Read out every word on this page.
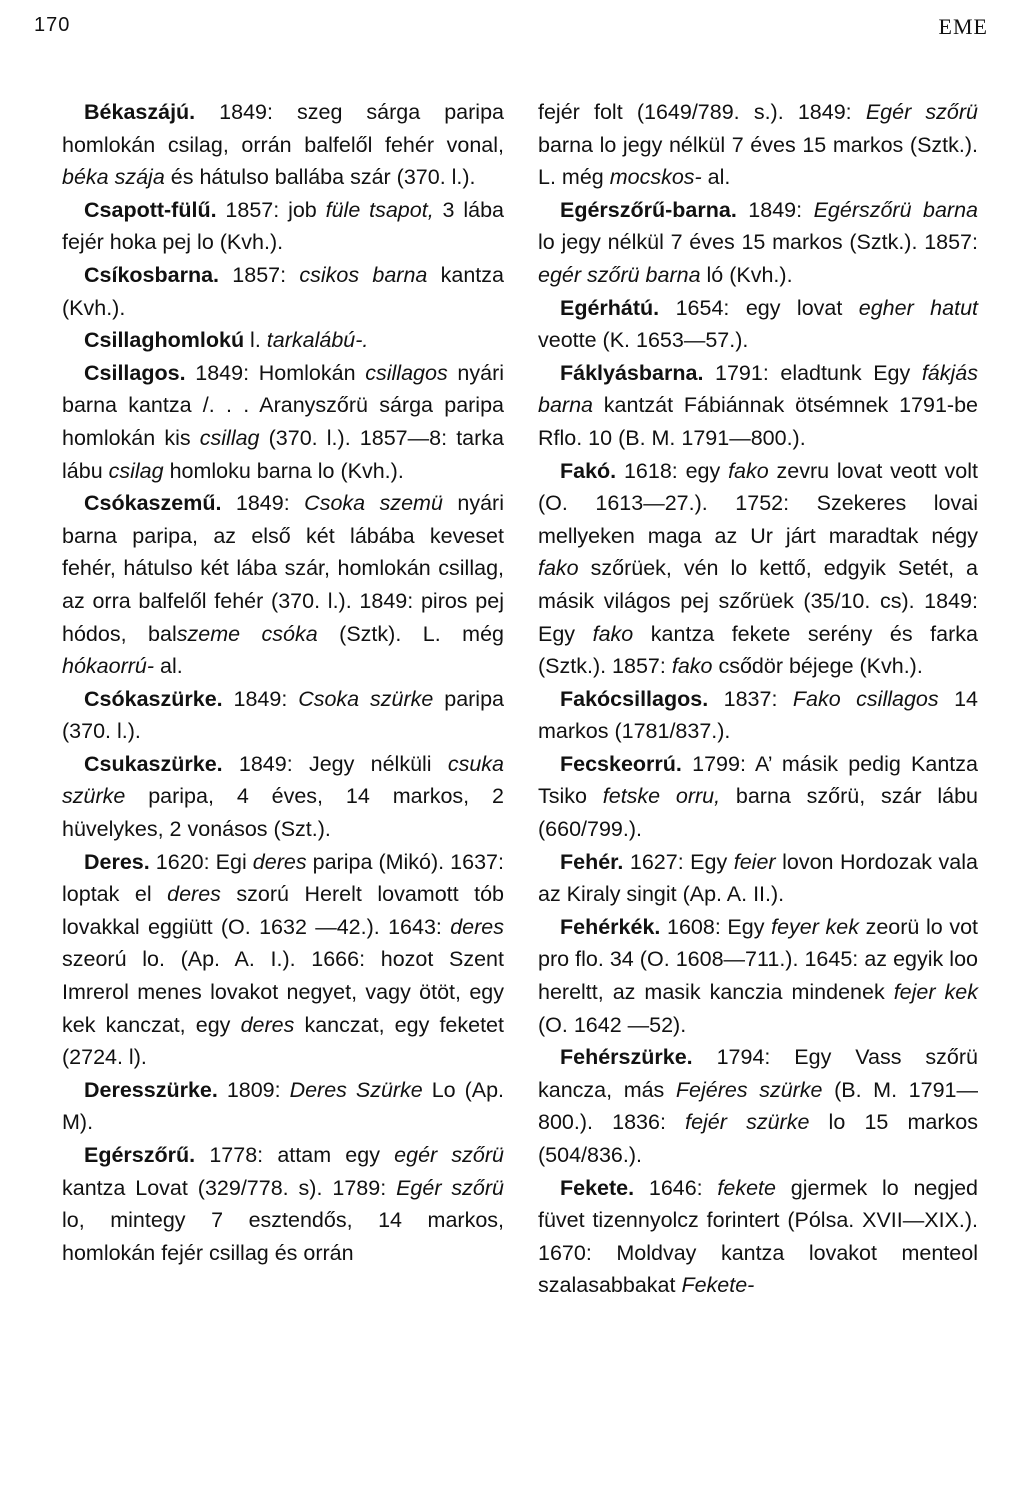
170	EME

Békaszájú. 1849: szeg sárga paripa homlokán csilag, orrán balfelől fehér vonal, béka szája és hátulso ballába szár (370. l.).

Csapott-fülű. 1857: job füle tsapot, 3 lába fejér hoka pej lo (Kvh.).

Csíkosbarna. 1857: csikos barna kantza (Kvh.).

Csillaghomlokú l. tarkalábú-.

Csillagos. 1849: Homlokán csillagos nyári barna kantza /. . . Aranyszőrü sárga paripa homlokán kis csillag (370. l.). 1857—8: tarka lábu csilag homloku barna lo (Kvh.).

Csókaszemű. 1849: Csoka szemü nyári barna paripa, az első két lábába keveset fehér, hátulso két lába szár, homlokán csillag, az orra balfelől fehér (370. l.). 1849: piros pej hódos, balszeme csóka (Sztk). L. még hókaorrú- al.

Csókaszürke. 1849: Csoka szürke paripa (370. l.).

Csukaszürke. 1849: Jegy nélküli csuka szürke paripa, 4 éves, 14 markos, 2 hüvelykes, 2 vonásos (Szt.).

Deres. 1620: Egi deres paripa (Mikó). 1637: loptak el deres szorú Herelt lovamott tób lovakkal eggiütt (O. 1632 —42.). 1643: deres szeorú lo. (Ap. A. I.). 1666: hozot Szent Imrerol menes lovakot negyet, vagy ötöt, egy kek kanczat, egy deres kanczat, egy feketet (2724. l).

Deresszürke. 1809: Deres Szürke Lo (Ap. M).

Egérszőrű. 1778: attam egy egér szőrü kantza Lovat (329/778. s). 1789: Egér szőrü lo, mintegy 7 esztendős, 14 markos, homlokán fejér csillag és orrán

fejér folt (1649/789. s.). 1849: Egér szőrü barna lo jegy nélkül 7 éves 15 markos (Sztk.). L. még mocskos- al.

Egérszőrű-barna. 1849: Egérszőrü barna lo jegy nélkül 7 éves 15 markos (Sztk.). 1857: egér szőrü barna ló (Kvh.).

Egérhátú. 1654: egy lovat egher hatut veotte (K. 1653—57.).

Fáklyásbarna. 1791: eladtunk Egy fákjás barna kantzát Fábiánnak ötsémnek 1791-be Rflo. 10 (B. M. 1791—800.).

Fakó. 1618: egy fako zevru lovat veott volt (O. 1613—27.). 1752: Szekeres lovai mellyeken maga az Ur járt maradtak négy fako szőrüek, vén lo kettő, edgyik Setét, a másik világos pej szőrüek (35/10. cs). 1849: Egy fako kantza fekete serény és farka (Sztk.). 1857: fako csődör béjege (Kvh.).

Fakócsillagos. 1837: Fako csillagos 14 markos (1781/837.).

Fecskeorrú. 1799: A’ másik pedig Kantza Tsiko fetske orru, barna szőrü, szár lábu (660/799.).

Fehér. 1627: Egy feier lovon Hordozak vala az Kiraly singit (Ap. A. II.).

Fehérkék. 1608: Egy feyer kek zeorü lo vot pro flo. 34 (O. 1608—711.). 1645: az egyik loo hereltt, az masik kanczia mindenek fejer kek (O. 1642 —52).

Fehérszürke. 1794: Egy Vass szőrü kancza, más Fejéres szürke (B. M. 1791—800.). 1836: fejér szürke lo 15 markos (504/836.).

Fekete. 1646: fekete gjermek lo negjed füvet tizennyolcz forintert (Pólsa. XVII—XIX.). 1670: Moldvay kantza lovakot menteol szalasabbakat Fekete-
